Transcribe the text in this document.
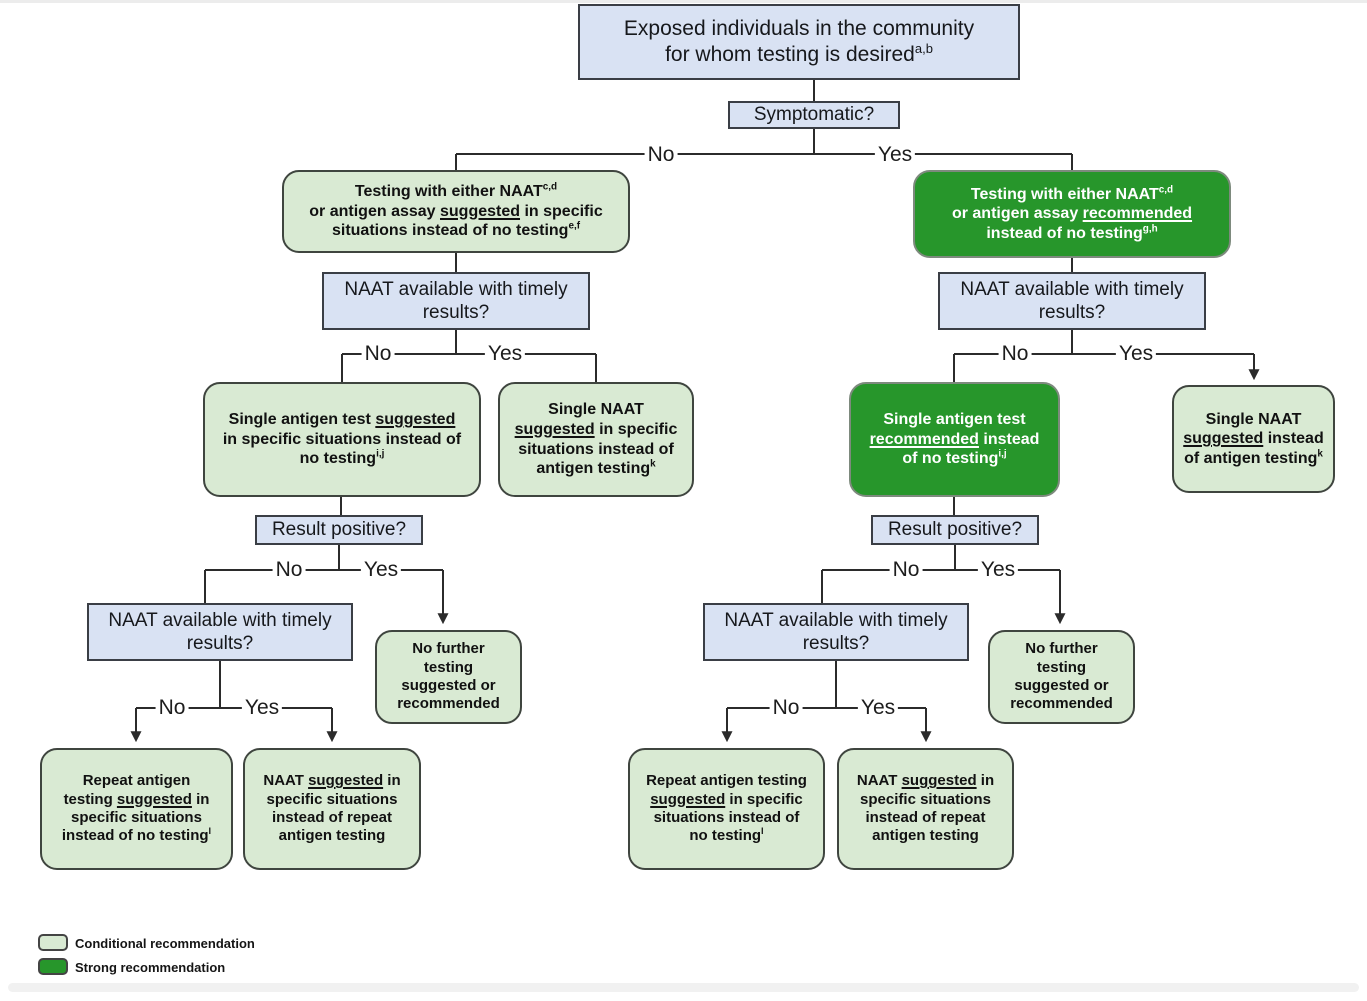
Exposed individuals in the community
for whom testing is desired$^{a,b}$
Symptomatic?
Testing with either NAAT$^{c,d}$
or antigen assay suggested in specific
situations instead of no testing$^{e,f}$
Testing with either NAAT$^{c,d}$
or antigen assay recommended
instead of no testing$^{g,h}$
NAAT available with timely
results?
NAAT available with timely
results?
Single antigen test suggested
in specific situations instead of
no testing$^{i,j}$
Single NAAT
suggested in specific
situations instead of
antigen testing$^k$
Single antigen test
recommended instead
of no testing$^{i,j}$
Single NAAT
suggested instead
of antigen testing$^k$
Result positive?	Result positive?
NAAT available with timely
results?
NAAT available with timely
results?
No further
testing
suggested or
recommended
No further
testing
suggested or
recommended
Repeat antigen
testing suggested in
specific situations
instead of no testing$^l$
NAAT suggested in
specific situations
instead of repeat
antigen testing
Repeat antigen testing
suggested in specific
situations instead of
no testing$^l$
NAAT suggested in
specific situations
instead of repeat
antigen testing
No	Yes
No	Yes	No	Yes
No	Yes	No	Yes
No	Yes	No	Yes
Conditional recommendation
Strong recommendation
